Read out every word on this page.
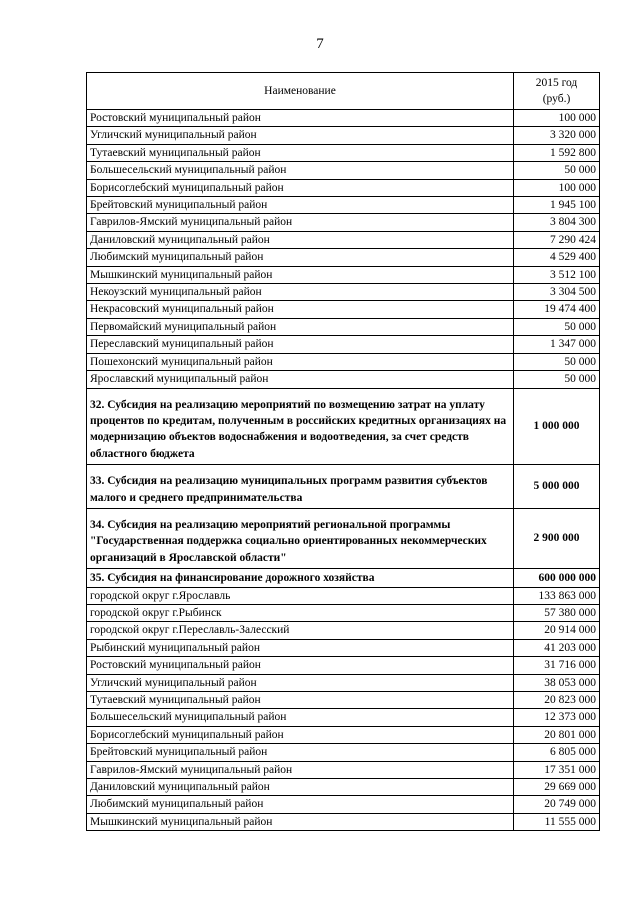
7
Наименование	2015 год
(руб.)
Ростовский муниципальный район	100 000
Угличский муниципальный район	3 320 000
Тутаевский муниципальный район	1 592 800
Большесельский муниципальный район	50 000
Борисоглебский муниципальный район	100 000
Брейтовский муниципальный район	1 945 100
Гаврилов-Ямский муниципальный район	3 804 300
Даниловский муниципальный район	7 290 424
Любимский муниципальный район	4 529 400
Мышкинский муниципальный район	3 512 100
Некоузский муниципальный район	3 304 500
Некрасовский муниципальный район	19 474 400
Первомайский муниципальный район	50 000
Переславский муниципальный район	1 347 000
Пошехонский муниципальный район	50 000
Ярославский муниципальный район	50 000
32. Субсидия на реализацию мероприятий по возмещению затрат на уплату процентов по кредитам, полученным в российских кредитных организациях на модернизацию объектов водоснабжения и водоотведения, за счет средств областного бюджета	1 000 000
33. Субсидия на реализацию муниципальных программ развития субъектов малого и среднего предпринимательства	5 000 000
34. Субсидия на реализацию мероприятий региональной программы "Государственная поддержка социально ориентированных некоммерческих организаций в Ярославской области"	2 900 000
35. Субсидия на финансирование дорожного хозяйства	600 000 000
городской округ г.Ярославль	133 863 000
городской округ г.Рыбинск	57 380 000
городской округ г.Переславль-Залесский	20 914 000
Рыбинский муниципальный район	41 203 000
Ростовский муниципальный район	31 716 000
Угличский муниципальный район	38 053 000
Тутаевский муниципальный район	20 823 000
Большесельский муниципальный район	12 373 000
Борисоглебский муниципальный район	20 801 000
Брейтовский муниципальный район	6 805 000
Гаврилов-Ямский муниципальный район	17 351 000
Даниловский муниципальный район	29 669 000
Любимский муниципальный район	20 749 000
Мышкинский муниципальный район	11 555 000
